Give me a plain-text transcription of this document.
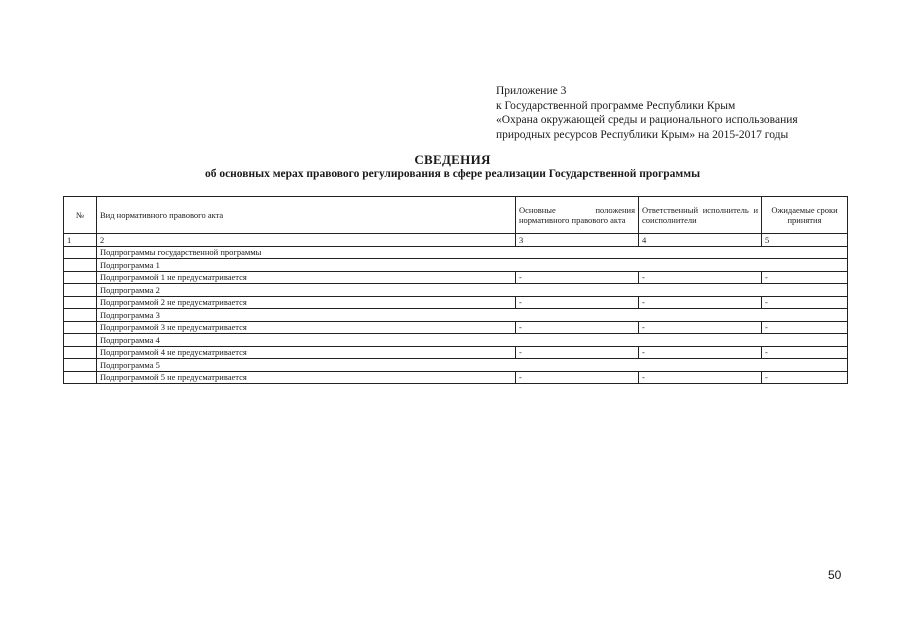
Приложение 3
к Государственной программе Республики Крым
«Охрана окружающей среды и рационального использования
природных ресурсов Республики Крым» на 2015-2017 годы
СВЕДЕНИЯ
об основных мерах правового регулирования в сфере реализации Государственной программы
№	Вид нормативного правового акта	Основные положения нормативного правового акта	Ответственный исполнитель и соисполнители	Ожидаемые сроки принятия
1	2	3	4	5
	Подпрограммы государственной программы			
	Подпрограмма 1			
	Подпрограммой 1 не предусматривается	-	-	-
	Подпрограмма 2			
	Подпрограммой 2 не предусматривается	-	-	-
	Подпрограмма 3			
	Подпрограммой 3 не предусматривается	-	-	-
	Подпрограмма 4			
	Подпрограммой 4 не предусматривается	-	-	-
	Подпрограмма 5			
	Подпрограммой 5 не предусматривается	-	-	-
50
